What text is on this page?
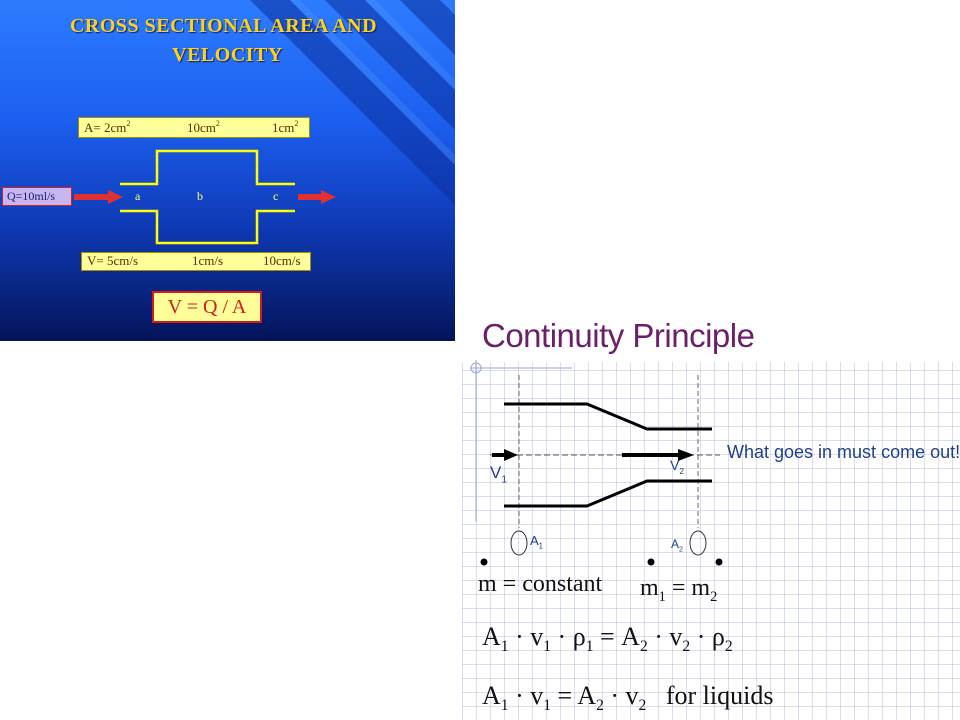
CROSS SECTIONAL AREA AND
VELOCITY
$A= 2cm^2$	$10cm^2$	$1cm^2$
Q=10ml/s	a	b	c
V= 5cm/s	1cm/s	10cm/s
V = Q / A
Continuity Principle
What goes in must come out!
$V_1$
$V_2$
$A_1$	$A_2$
m = constant $m_1 = m_2$
$A_1 \cdot v_1 \cdot \rho_1 = A_2 \cdot v_2 \cdot \rho_2$
$A_1 \cdot v_1 = A_2 \cdot v_2$ for liquids
